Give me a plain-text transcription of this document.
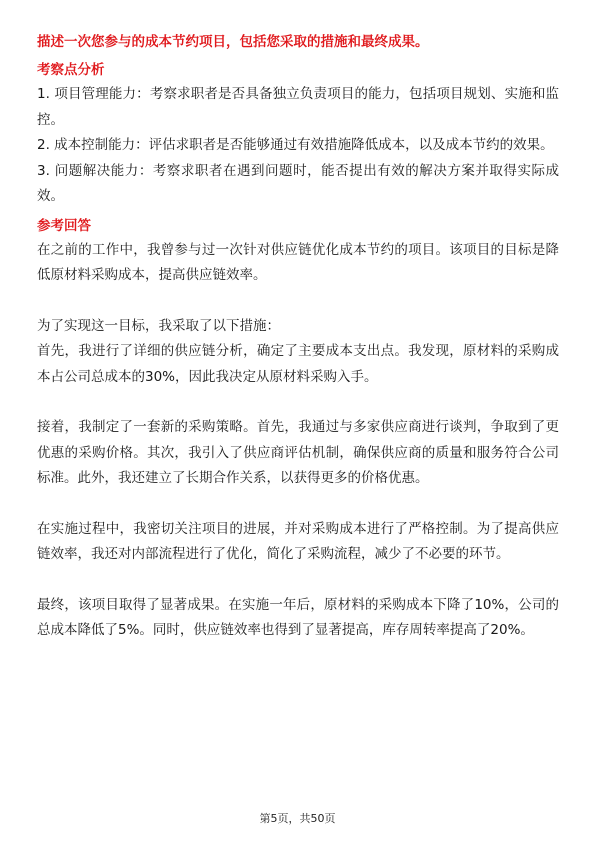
描述一次您参与的成本节约项目，包括您采取的措施和最终成果。

考察点分析

1. 项目管理能力：考察求职者是否具备独立负责项目的能力，包括项目规划、实施和监控。

2. 成本控制能力：评估求职者是否能够通过有效措施降低成本，以及成本节约的效果。

3. 问题解决能力：考察求职者在遇到问题时，能否提出有效的解决方案并取得实际成效。

参考回答

在之前的工作中，我曾参与过一次针对供应链优化成本节约的项目。该项目的目标是降低原材料采购成本，提高供应链效率。

为了实现这一目标，我采取了以下措施：

首先，我进行了详细的供应链分析，确定了主要成本支出点。我发现，原材料的采购成本占公司总成本的30%，因此我决定从原材料采购入手。

接着，我制定了一套新的采购策略。首先，我通过与多家供应商进行谈判，争取到了更优惠的采购价格。其次，我引入了供应商评估机制，确保供应商的质量和服务符合公司标准。此外，我还建立了长期合作关系，以获得更多的价格优惠。

在实施过程中，我密切关注项目的进展，并对采购成本进行了严格控制。为了提高供应链效率，我还对内部流程进行了优化，简化了采购流程，减少了不必要的环节。

最终，该项目取得了显著成果。在实施一年后，原材料的采购成本下降了10%，公司的总成本降低了5%。同时，供应链效率也得到了显著提高，库存周转率提高了20%。

第5页，共50页
